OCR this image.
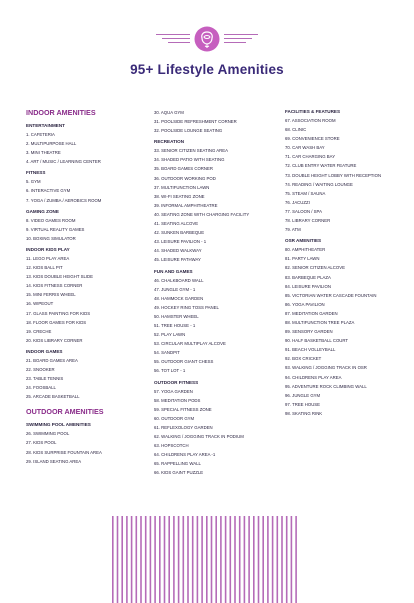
95+ Lifestyle Amenities
INDOOR AMENITIES
ENTERTAINMENT
1. CAFETERIA
2. MULTIPURPOSE HALL
3. MINI THEATRE
4. ART / MUSIC / LEARNING CENTER
FITNESS
5. GYM
6. INTERACTIVE GYM
7. YOGA / ZUMBA / AEROBICS ROOM
GAMING ZONE
8. VIDEO GAMES ROOM
9. VIRTUAL REALITY GAMES
10. BOXING SIMULATOR
INDOOR KIDS PLAY
11. LEGO PLAY AREA
12. KIDS BALL PIT
13. KIDS DOUBLE HEIGHT SLIDE
14. KIDS FITNESS CORNER
15. MINI FERRIS WHEEL
16. WIPEOUT
17. GLASS PAINTING FOR KIDS
18. FLOOR GAMES FOR KIDS
19. CRECHE
20. KIDS LIBRARY CORNER
INDOOR GAMES
21. BOARD GAMES AREA
22. SNOOKER
23. TABLE TENNIS
24. FOOSBALL
25. ARCADE BASKETBALL
OUTDOOR AMENITIES
SWIMMING POOL AMENITIES
26. SWIMMING POOL
27. KIDS POOL
28. KIDS SURPRISE FOUNTAIN AREA
29. ISLAND SEATING AREA
30. AQUA GYM
31. POOLSIDE REFRESHMENT CORNER
32. POOLSIDE LOUNGE SEATING
RECREATION
33. SENIOR CITIZEN SEATING AREA
34. SHADED PATIO WITH SEATING
35. BOARD GAMES CORNER
36. OUTDOOR WORKING POD
37. MULTIFUNCTION LAWN
38. WI-FI SEATING ZONE
39. INFORMAL AMPHITHEATRE
40. SEATING ZONE WITH CHARGING FACILITY
41. SEATING ALCOVE
42. SUNKEN BARBEQUE
43. LEISURE PAVILION - 1
44. SHADED WALKWAY
45. LEISURE PATHWAY
FUN AND GAMES
46. CHALKBOARD WALL
47. JUNGLE GYM - 1
48. HAMMOCK GARDEN
49. HOCKEY RING TOSS PANEL
50. HAMSTER WHEEL
51. TREE HOUSE - 1
52. PLAY LAWN
53. CIRCULAR MULTIPLAY ALCOVE
54. SANDPIT
55. OUTDOOR GIANT CHESS
56. TOT LOT - 1
OUTDOOR FITNESS
57. YOGA GARDEN
58. MEDITATION PODS
59. SPECIAL FITNESS ZONE
60. OUTDOOR GYM
61. REFLEXOLOGY GARDEN
62. WALKING / JOGGING TRACK IN PODIUM
63. HOPSCOTCH
64. CHILDRENS PLAY AREA -1
65. RAPPELLING WALL
66. KIDS GAINT PUZZLE
FACILITIES & FEATURES
67. ASSOCIATION ROOM
68. CLINIC
69. CONVENIENCE STORE
70. CAR WASH BAY
71. CAR CHARGING BAY
72. CLUB ENTRY WATER FEATURE
73. DOUBLE HEIGHT LOBBY WITH RECEPTION
74. READING / WAITING LOUNGE
75. STEAM / SAUNA
76. JACUZZI
77. SALOON / SPA
78. LIBRARY CORNER
79. ATM
OSR AMENITIES
80. AMPHITHEATER
81. PARTY LAWN
82. SENIOR CITIZEN ALCOVE
83. BARBEQUE PLAZA
84. LEISURE PAVILION
85. VICTORIAN WATER CASCADE FOUNTAIN
86. YOGA PAVILION
87. MEDITATION GARDEN
88. MULTIFUNCTION TREE PLAZA
89. SENSORY GARDEN
90. HALF BASKETBALL COURT
91. BEACH VOLLEYBALL
92. BOX CRICKET
93. WALKING / JOGGING TRACK IN OSR
94. CHILDRENS PLAY AREA
95. ADVENTURE ROCK CLIMBING WALL
96. JUNGLE GYM
97. TREE HOUSE
98. SKATING RINK
